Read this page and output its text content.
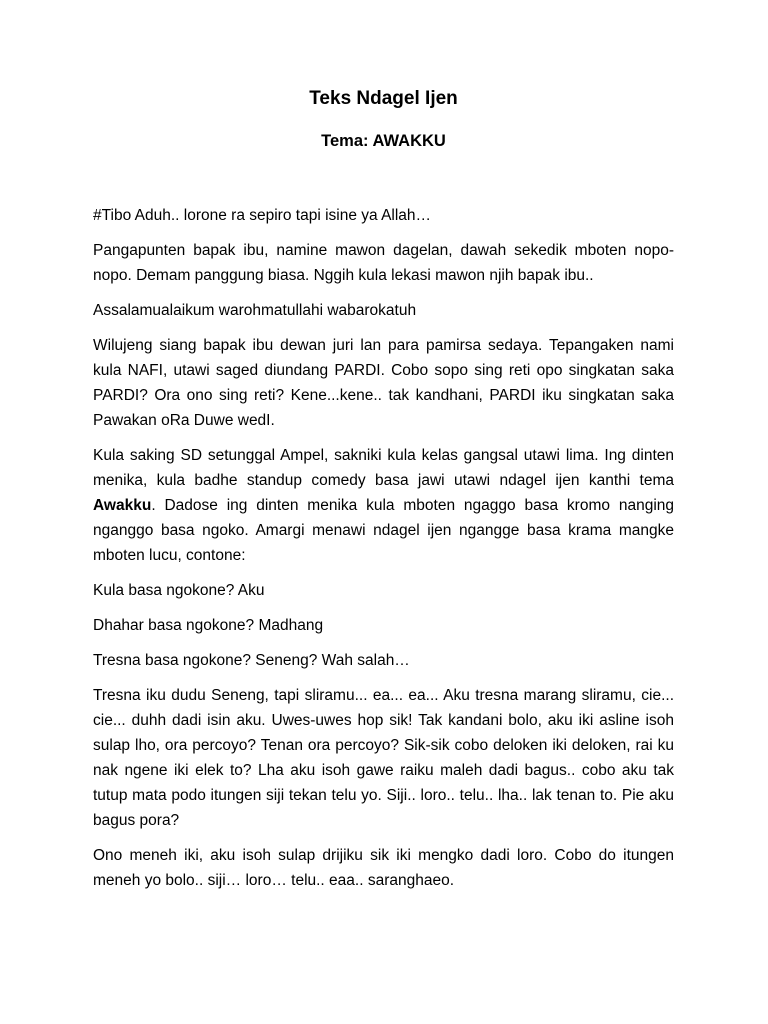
Teks Ndagel Ijen
Tema: AWAKKU

#Tibo Aduh.. lorone ra sepiro tapi isine ya Allah…

Pangapunten bapak ibu, namine mawon dagelan, dawah sekedik mboten nopo-nopo. Demam panggung biasa. Nggih kula lekasi mawon njih bapak ibu..

Assalamualaikum warohmatullahi wabarokatuh

Wilujeng siang bapak ibu dewan juri lan para pamirsa sedaya. Tepangaken nami kula NAFI, utawi saged diundang PARDI. Cobo sopo sing reti opo singkatan saka PARDI? Ora ono sing reti? Kene...kene.. tak kandhani, PARDI iku singkatan saka Pawakan oRa Duwe wedI.

Kula saking SD setunggal Ampel, sakniki kula kelas gangsal utawi lima. Ing dinten menika, kula badhe standup comedy basa jawi utawi ndagel ijen kanthi tema Awakku. Dadose ing dinten menika kula mboten ngaggo basa kromo nanging nganggo basa ngoko. Amargi menawi ndagel ijen ngangge basa krama mangke mboten lucu, contone:

Kula basa ngokone? Aku

Dhahar basa ngokone? Madhang

Tresna basa ngokone? Seneng? Wah salah…

Tresna iku dudu Seneng, tapi sliramu... ea... ea... Aku tresna marang sliramu, cie... cie... duhh dadi isin aku. Uwes-uwes hop sik! Tak kandani bolo, aku iki asline isoh sulap lho, ora percoyo? Tenan ora percoyo? Sik-sik cobo deloken iki deloken, rai ku nak ngene iki elek to? Lha aku isoh gawe raiku maleh dadi bagus.. cobo aku tak tutup mata podo itungen siji tekan telu yo. Siji.. loro.. telu.. lha.. lak tenan to. Pie aku bagus pora?

Ono meneh iki, aku isoh sulap drijiku sik iki mengko dadi loro. Cobo do itungen meneh yo bolo.. siji… loro… telu.. eaa.. saranghaeo.
